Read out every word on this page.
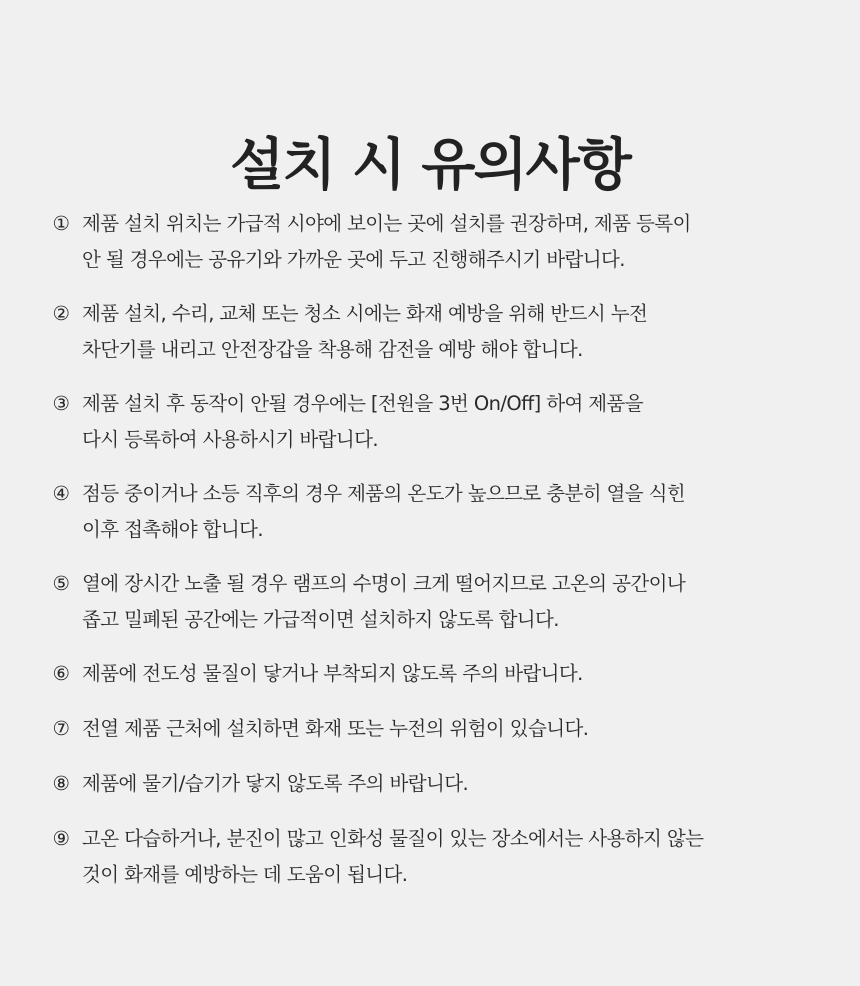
설치 시 유의사항
① 제품 설치 위치는 가급적 시야에 보이는 곳에 설치를 권장하며, 제품 등록이
안 될 경우에는 공유기와 가까운 곳에 두고 진행해주시기 바랍니다.
② 제품 설치, 수리, 교체 또는 청소 시에는 화재 예방을 위해 반드시 누전
차단기를 내리고 안전장갑을 착용해 감전을 예방 해야 합니다.
③ 제품 설치 후 동작이 안될 경우에는 [전원을 3번 On/Off] 하여 제품을
다시 등록하여 사용하시기 바랍니다.
④ 점등 중이거나 소등 직후의 경우 제품의 온도가 높으므로 충분히 열을 식힌
이후 접촉해야 합니다.
⑤ 열에 장시간 노출 될 경우 램프의 수명이 크게 떨어지므로 고온의 공간이나
좁고 밀폐된 공간에는 가급적이면 설치하지 않도록 합니다.
⑥ 제품에 전도성 물질이 닿거나 부착되지 않도록 주의 바랍니다.
⑦ 전열 제품 근처에 설치하면 화재 또는 누전의 위험이 있습니다.
⑧ 제품에 물기/습기가 닿지 않도록 주의 바랍니다.
⑨ 고온 다습하거나, 분진이 많고 인화성 물질이 있는 장소에서는 사용하지 않는
것이 화재를 예방하는 데 도움이 됩니다.
